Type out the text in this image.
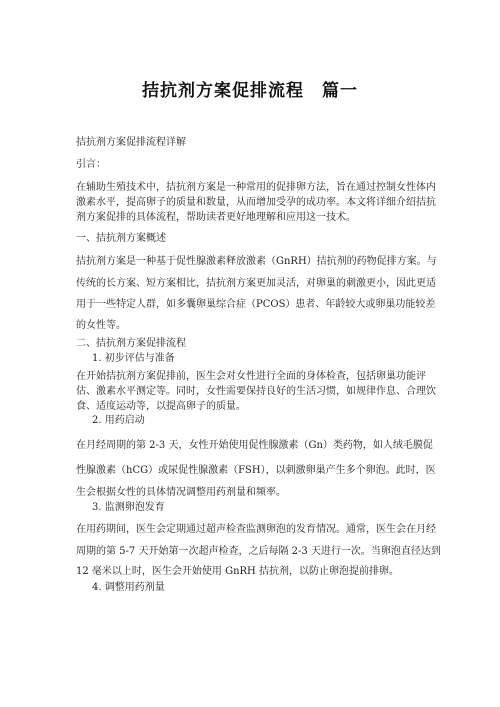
拮抗剂方案促排流程　篇一
拮抗剂方案促排流程详解
引言：
在辅助生殖技术中，拮抗剂方案是一种常用的促排卵方法，旨在通过控制女性体内
激素水平，提高卵子的质量和数量，从而增加受孕的成功率。本文将详细介绍拮抗
剂方案促排的具体流程，帮助读者更好地理解和应用这一技术。
一、拮抗剂方案概述
拮抗剂方案是一种基于促性腺激素释放激素（GnRH）拮抗剂的药物促排方案。与
传统的长方案、短方案相比，拮抗剂方案更加灵活，对卵巢的刺激更小，因此更适
用于一些特定人群，如多囊卵巢综合症（PCOS）患者、年龄较大或卵巢功能较差
的女性等。
二、拮抗剂方案促排流程
1. 初步评估与准备
在开始拮抗剂方案促排前，医生会对女性进行全面的身体检查，包括卵巢功能评
估、激素水平测定等。同时，女性需要保持良好的生活习惯，如规律作息、合理饮
食、适度运动等，以提高卵子的质量。
2. 用药启动
在月经周期的第 2-3 天，女性开始使用促性腺激素（Gn）类药物，如人绒毛膜促
性腺激素（hCG）或尿促性腺激素（FSH），以刺激卵巢产生多个卵泡。此时，医
生会根据女性的具体情况调整用药剂量和频率。
3. 监测卵泡发育
在用药期间，医生会定期通过超声检查监测卵泡的发育情况。通常，医生会在月经
周期的第 5-7 天开始第一次超声检查，之后每隔 2-3 天进行一次。当卵泡直径达到
12 毫米以上时，医生会开始使用 GnRH 拮抗剂，以防止卵泡提前排卵。
4. 调整用药剂量
